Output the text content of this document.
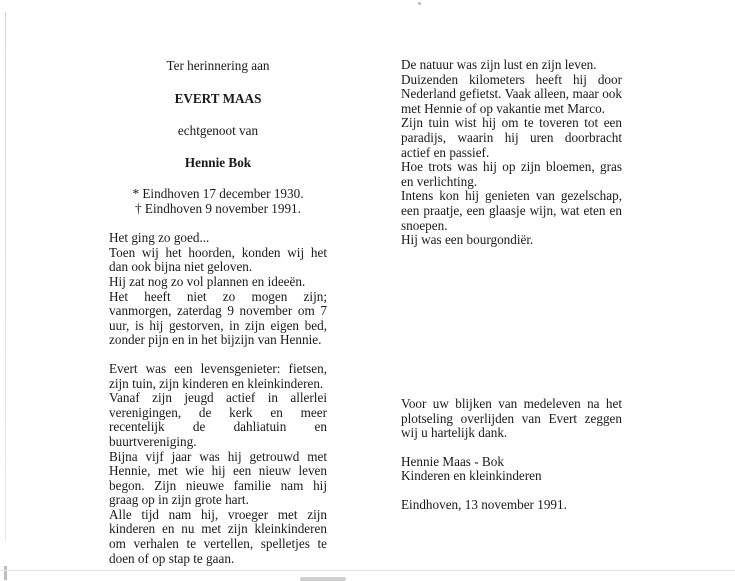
Ter herinnering aan
EVERT MAAS
echtgenoot van
Hennie Bok
* Eindhoven 17 december 1930.
† Eindhoven 9 november 1991.

Het ging zo goed...

Toen wij het hoorden, konden wij het dan ook bijna niet geloven.

Hij zat nog zo vol plannen en ideeën.

Het heeft niet zo mogen zijn; vanmorgen, zaterdag 9 november om 7 uur, is hij gestorven, in zijn eigen bed, zonder pijn en in het bijzijn van Hennie.

Evert was een levensgenieter: fietsen, zijn tuin, zijn kinderen en kleinkinderen.

Vanaf zijn jeugd actief in allerlei verenigingen, de kerk en meer recentelijk de dahliatuin en buurtvereniging.

Bijna vijf jaar was hij getrouwd met Hennie, met wie hij een nieuw leven begon. Zijn nieuwe familie nam hij graag op in zijn grote hart.

Alle tijd nam hij, vroeger met zijn kinderen en nu met zijn kleinkinderen om verhalen te vertellen, spelletjes te doen of op stap te gaan.

De natuur was zijn lust en zijn leven.

Duizenden kilometers heeft hij door Nederland gefietst. Vaak alleen, maar ook met Hennie of op vakantie met Marco.

Zijn tuin wist hij om te toveren tot een paradijs, waarin hij uren doorbracht actief en passief.

Hoe trots was hij op zijn bloemen, gras en verlichting.

Intens kon hij genieten van gezelschap, een praatje, een glaasje wijn, wat eten en snoepen.

Hij was een bourgondiër.

Voor uw blijken van medeleven na het plotseling overlijden van Evert zeggen wij u hartelijk dank.

Hennie Maas - Bok

Kinderen en kleinkinderen

Eindhoven, 13 november 1991.
